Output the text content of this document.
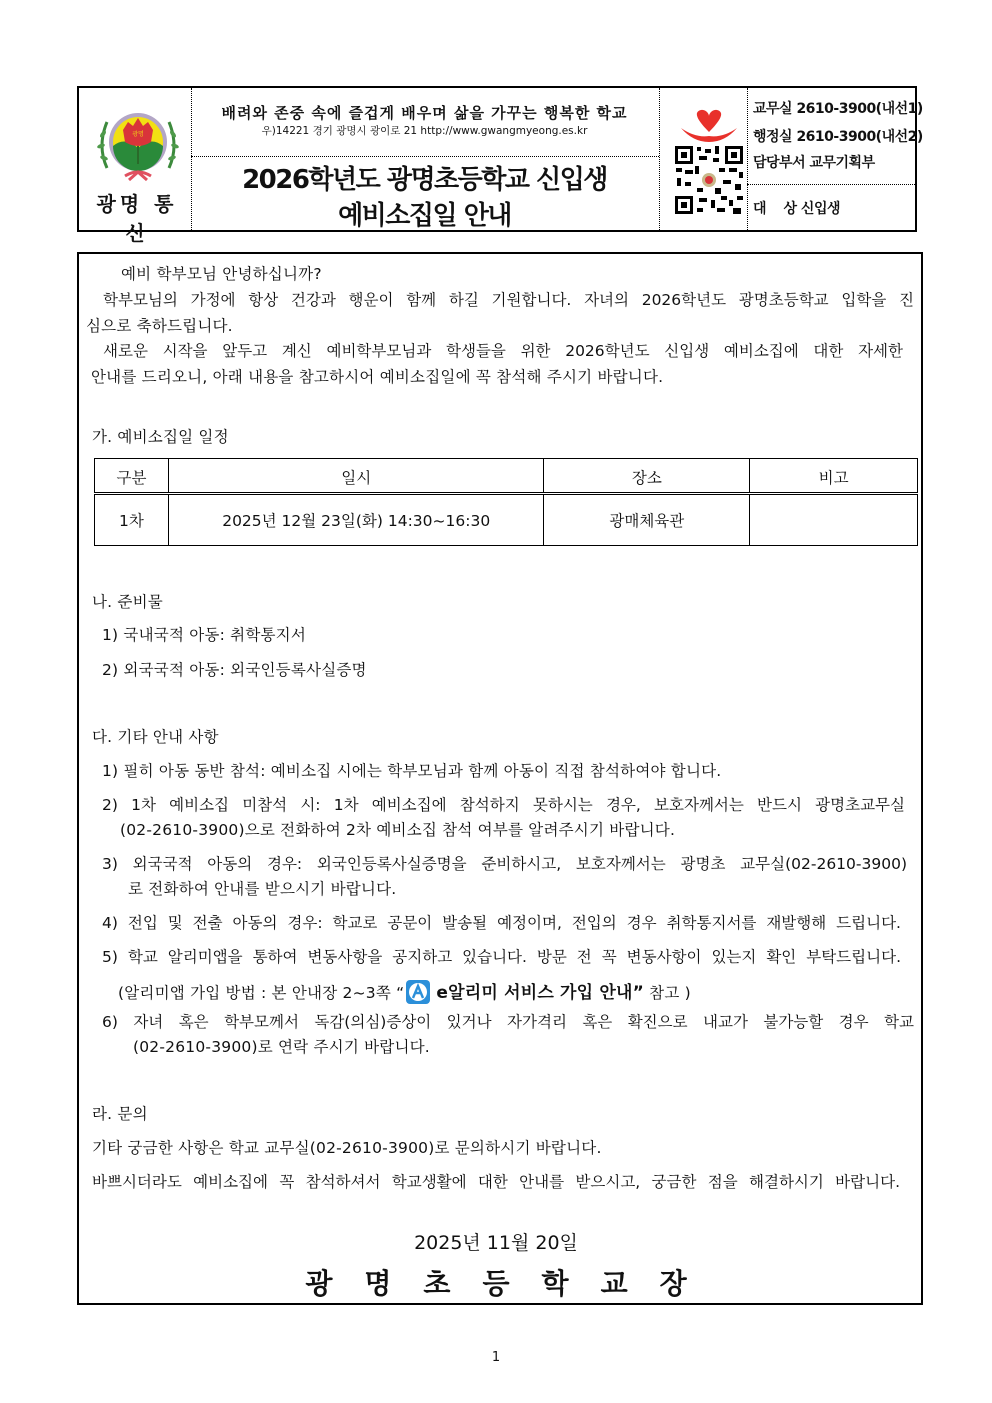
광명
광명 통신
배려와 존중 속에 즐겁게 배우며 삶을 가꾸는 행복한 학교
우)14221 경기 광명시 광이로 21 http://www.gwangmyeong.es.kr
2026학년도 광명초등학교 신입생
예비소집일 안내
교무실 2610-3900(내선1)
행정실 2610-3900(내선2)
담당부서 교무기획부
대    상 신입생
예비 학부모님 안녕하십니까?
학부모님의 가정에 항상 건강과 행운이 함께 하길 기원합니다. 자녀의 2026학년도 광명초등학교 입학을 진
심으로 축하드립니다.
새로운 시작을 앞두고 계신 예비학부모님과 학생들을 위한 2026학년도 신입생 예비소집에 대한 자세한
안내를 드리오니, 아래 내용을 참고하시어 예비소집일에 꼭 참석해 주시기 바랍니다.
가. 예비소집일 일정
구분	일시	장소	비고
1차	2025년 12월 23일(화) 14:30~16:30	광매체육관	
나. 준비물
1) 국내국적 아동: 취학통지서
2) 외국국적 아동: 외국인등록사실증명
다. 기타 안내 사항
1) 필히 아동 동반 참석: 예비소집 시에는 학부모님과 함께 아동이 직접 참석하여야 합니다.
2) 1차 예비소집 미참석 시: 1차 예비소집에 참석하지 못하시는 경우, 보호자께서는 반드시 광명초교무실
(02-2610-3900)으로 전화하여 2차 예비소집 참석 여부를 알려주시기 바랍니다.
3) 외국국적 아동의 경우: 외국인등록사실증명을 준비하시고, 보호자께서는 광명초 교무실(02-2610-3900)
로 전화하여 안내를 받으시기 바랍니다.
4) 전입 및 전출 아동의 경우: 학교로 공문이 발송될 예정이며, 전입의 경우 취학통지서를 재발행해 드립니다.
5) 학교 알리미앱을 통하여 변동사항을 공지하고 있습니다. 방문 전 꼭 변동사항이 있는지 확인 부탁드립니다.
(알리미앱 가입 방법 : 본 안내장 2~3쪽 “ e알리미 서비스 가입 안내” 참고 )
6) 자녀 혹은 학부모께서 독감(의심)증상이 있거나 자가격리 혹은 확진으로 내교가 불가능할 경우 학교
(02-2610-3900)로 연락 주시기 바랍니다.
라. 문의
기타 궁금한 사항은 학교 교무실(02-2610-3900)로 문의하시기 바랍니다.
바쁘시더라도 예비소집에 꼭 참석하셔서 학교생활에 대한 안내를 받으시고, 궁금한 점을 해결하시기 바랍니다.
2025년 11월 20일
광명초등학교장
1
